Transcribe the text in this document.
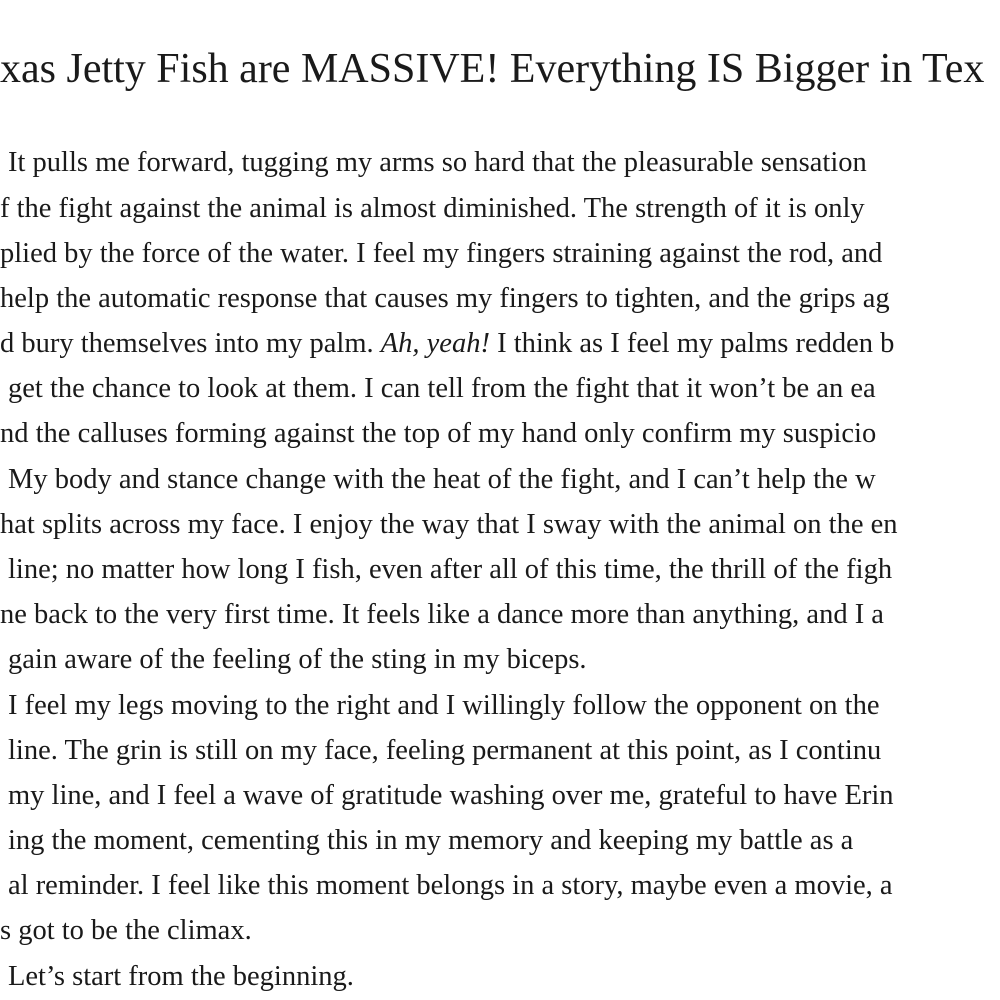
xas Jetty Fish are MASSIVE! Everything IS Bigger in Tex

It pulls me forward, tugging my arms so hard that the pleasurable sensation

f the fight against the animal is almost diminished. The strength of it is only

plied by the force of the water. I feel my fingers straining against the rod, and

help the automatic response that causes my fingers to tighten, and the grips ag

d bury themselves into my palm. Ah, yeah! I think as I feel my palms redden b

get the chance to look at them. I can tell from the fight that it won’t be an ea

nd the calluses forming against the top of my hand only confirm my suspicio

My body and stance change with the heat of the fight, and I can’t help the w

hat splits across my face. I enjoy the way that I sway with the animal on the en

line; no matter how long I fish, even after all of this time, the thrill of the figh

ne back to the very first time. It feels like a dance more than anything, and I a

gain aware of the feeling of the sting in my biceps.

I feel my legs moving to the right and I willingly follow the opponent on the

line. The grin is still on my face, feeling permanent at this point, as I continu

my line, and I feel a wave of gratitude washing over me, grateful to have Erin

ing the moment, cementing this in my memory and keeping my battle as a

al reminder. I feel like this moment belongs in a story, maybe even a movie, a

s got to be the climax.

Let’s start from the beginning.
